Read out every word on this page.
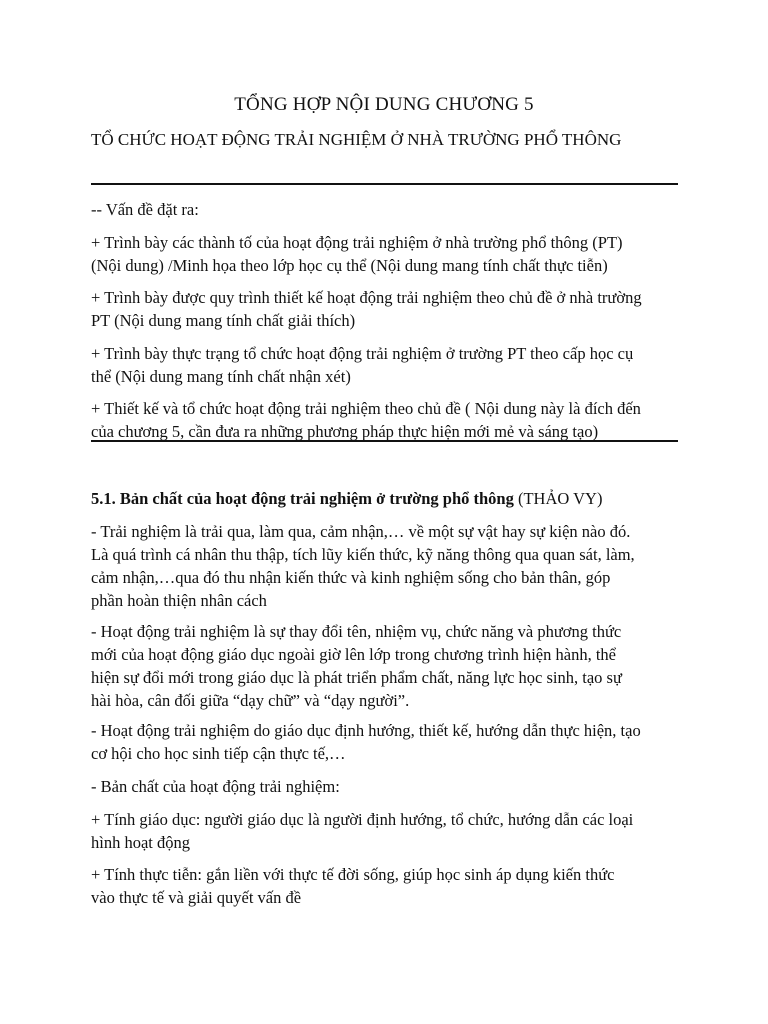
TỔNG HỢP NỘI DUNG CHƯƠNG 5
TỔ CHỨC HOẠT ĐỘNG TRẢI NGHIỆM Ở NHÀ TRƯỜNG PHỔ THÔNG
-- Vấn đề đặt ra:
+ Trình bày các thành tố của hoạt động trải nghiệm ở nhà trường phổ thông (PT)
(Nội dung) /Minh họa theo lớp học cụ thể (Nội dung mang tính chất thực tiễn)
+ Trình bày được quy trình thiết kế hoạt động trải nghiệm theo chủ đề ở nhà trường
PT (Nội dung mang tính chất giải thích)
+ Trình bày thực trạng tổ chức hoạt động trải nghiệm ở trường PT theo cấp học cụ
thể (Nội dung mang tính chất nhận xét)
+ Thiết kế và tổ chức hoạt động trải nghiệm theo chủ đề ( Nội dung này là đích đến
của chương 5, cần đưa ra những phương pháp thực hiện mới mẻ và sáng tạo)
5.1. Bản chất của hoạt động trải nghiệm ở trường phổ thông (THẢO VY)
- Trải nghiệm là trải qua, làm qua, cảm nhận,… về một sự vật hay sự kiện nào đó.
Là quá trình cá nhân thu thập, tích lũy kiến thức, kỹ năng thông qua quan sát, làm,
cảm nhận,…qua đó thu nhận kiến thức và kinh nghiệm sống cho bản thân, góp
phần hoàn thiện nhân cách
- Hoạt động trải nghiệm là sự thay đổi tên, nhiệm vụ, chức năng và phương thức
mới của hoạt động giáo dục ngoài giờ lên lớp trong chương trình hiện hành, thể
hiện sự đổi mới trong giáo dục là phát triển phẩm chất, năng lực học sinh, tạo sự
hài hòa, cân đối giữa “dạy chữ” và “dạy người”.
- Hoạt động trải nghiệm do giáo dục định hướng, thiết kế, hướng dẫn thực hiện, tạo
cơ hội cho học sinh tiếp cận thực tế,…
- Bản chất của hoạt động trải nghiệm:
+ Tính giáo dục: người giáo dục là người định hướng, tổ chức, hướng dẫn các loại
hình hoạt động
+ Tính thực tiễn: gắn liền với thực tế đời sống, giúp học sinh áp dụng kiến thức
vào thực tế và giải quyết vấn đề
